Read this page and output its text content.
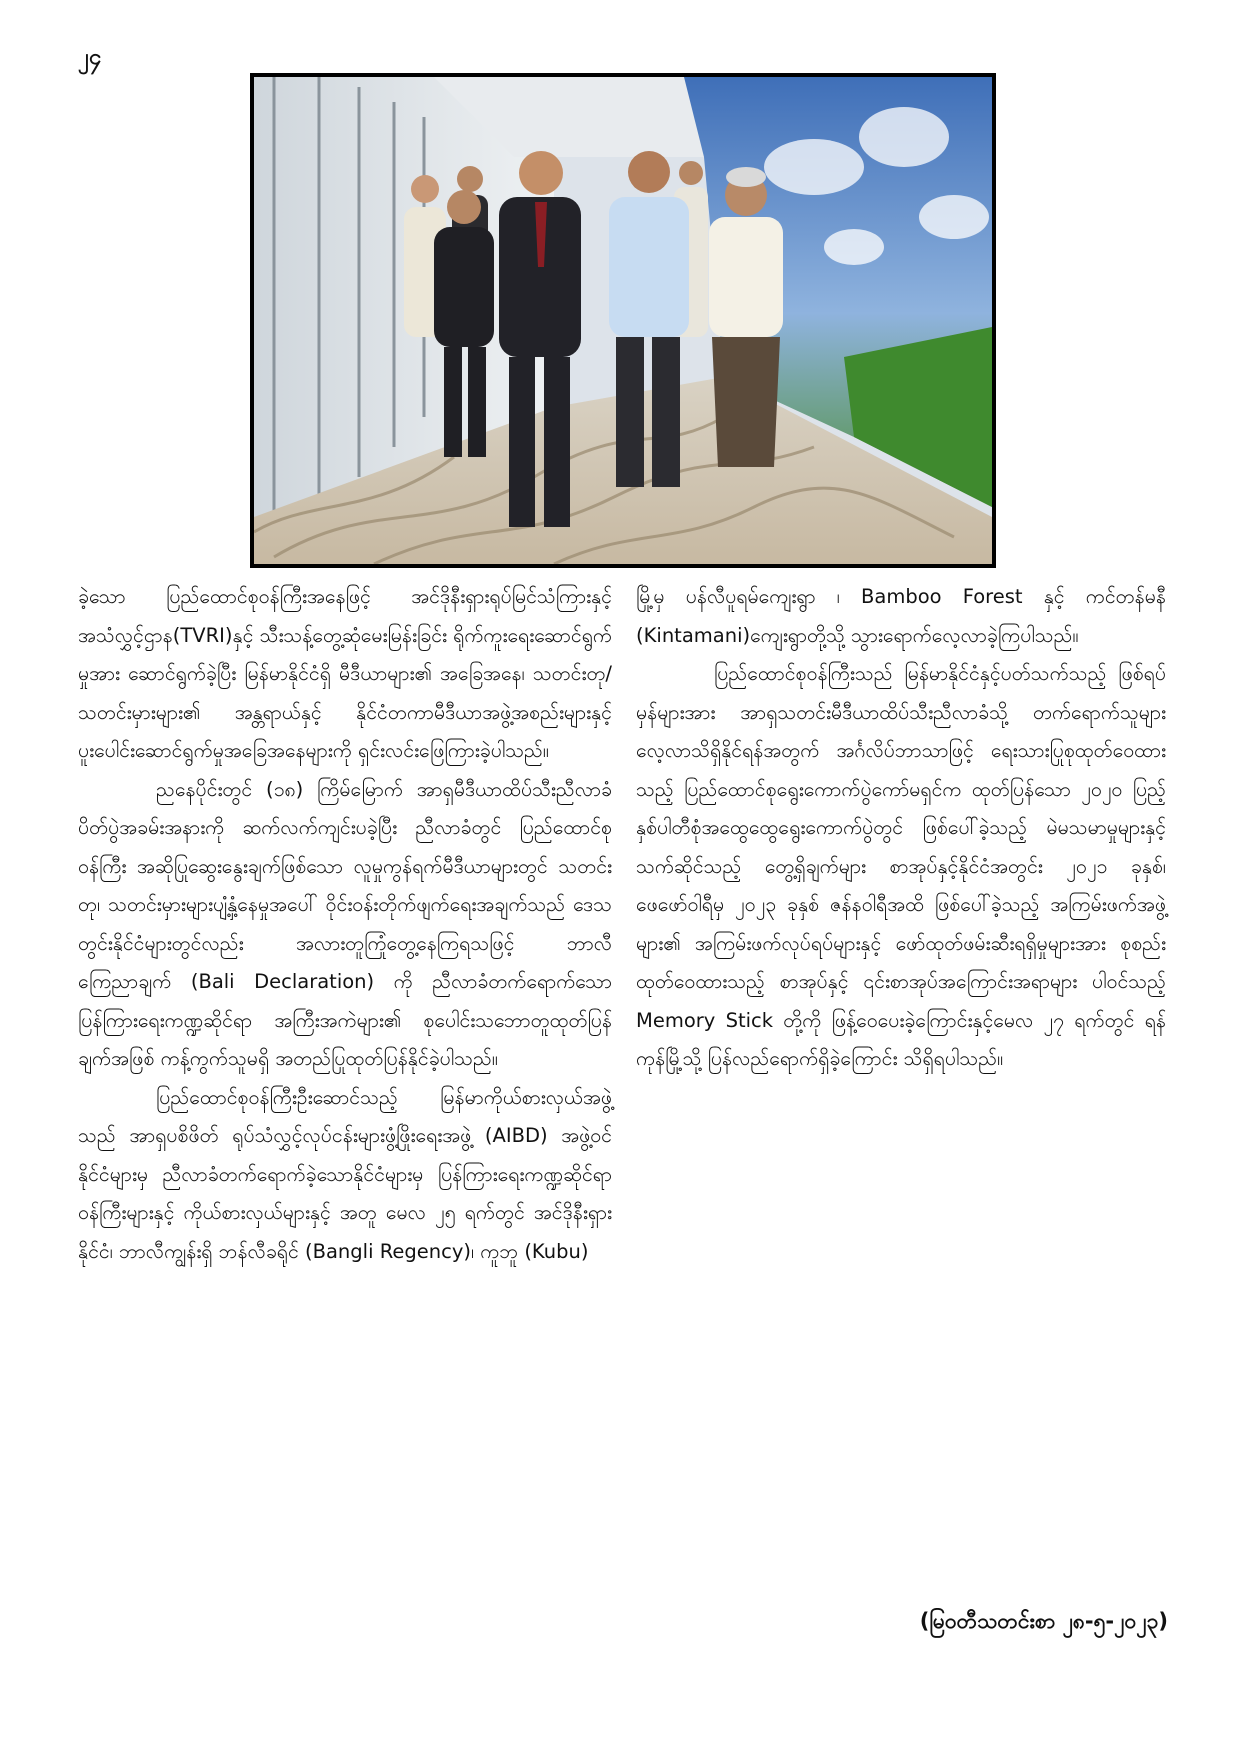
၂၄

ခဲ့သော ပြည်ထောင်စုဝန်ကြီးအနေဖြင့် အင်ဒိုနီးရှားရုပ်မြင်သံကြားနှင့် အသံလွှင့်ဌာန(TVRI)နှင့် သီးသန့်တွေ့ဆုံမေးမြန်းခြင်း ရိုက်ကူးရေးဆောင်ရွက်မှုအား ဆောင်ရွက်ခဲ့ပြီး မြန်မာနိုင်ငံရှိ မီဒီယာများ၏ အခြေအနေ၊ သတင်းတု/ သတင်းမှားများ၏ အန္တရာယ်နှင့် နိုင်ငံတကာမီဒီယာအဖွဲ့အစည်းများနှင့် ပူးပေါင်းဆောင်ရွက်မှုအခြေအနေများကို ရှင်းလင်းဖြေကြားခဲ့ပါသည်။

ညနေပိုင်းတွင် (၁၈) ကြိမ်မြောက် အာရှမီဒီယာထိပ်သီးညီလာခံပိတ်ပွဲအခမ်းအနားကို ဆက်လက်ကျင်းပခဲ့ပြီး ညီလာခံတွင် ပြည်ထောင်စုဝန်ကြီး အဆိုပြုဆွေးနွေးချက်ဖြစ်သော လူမှုကွန်ရက်မီဒီယာများတွင် သတင်းတု၊ သတင်းမှားများပျံ့နှံ့နေမှုအပေါ် ဝိုင်းဝန်းတိုက်ဖျက်ရေးအချက်သည် ဒေသတွင်းနိုင်ငံများတွင်လည်း အလားတူကြုံတွေ့နေကြရသဖြင့် ဘာလီကြေညာချက် (Bali Declaration) ကို ညီလာခံတက်ရောက်သော ပြန်ကြားရေးကဏ္ဍဆိုင်ရာ အကြီးအကဲများ၏ စုပေါင်းသဘောတူထုတ်ပြန်ချက်အဖြစ် ကန့်ကွက်သူမရှိ အတည်ပြုထုတ်ပြန်နိုင်ခဲ့ပါသည်။

ပြည်ထောင်စုဝန်ကြီးဦးဆောင်သည့် မြန်မာကိုယ်စားလှယ်အဖွဲ့သည် အာရှပစိဖိတ် ရုပ်သံလွှင့်လုပ်ငန်းများဖွံ့ဖြိုးရေးအဖွဲ့ (AIBD) အဖွဲ့ဝင်နိုင်ငံများမှ ညီလာခံတက်ရောက်ခဲ့သောနိုင်ငံများမှ ပြန်ကြားရေးကဏ္ဍဆိုင်ရာဝန်ကြီးများနှင့် ကိုယ်စားလှယ်များနှင့် အတူ မေလ ၂၅ ရက်တွင် အင်ဒိုနီးရှားနိုင်ငံ၊ ဘာလီကျွန်းရှိ ဘန်လီခရိုင် (Bangli Regency)၊ ကူဘူ (Kubu)

မြို့မှ ပန်လီပူရမ်ကျေးရွာ ၊ Bamboo Forest နှင့် ကင်တန်မနီ (Kintamani)ကျေးရွာတို့သို့ သွားရောက်လေ့လာခဲ့ကြပါသည်။

ပြည်ထောင်စုဝန်ကြီးသည် မြန်မာနိုင်ငံနှင့်ပတ်သက်သည့် ဖြစ်ရပ်မှန်များအား အာရှသတင်းမီဒီယာထိပ်သီးညီလာခံသို့ တက်ရောက်သူများ လေ့လာသိရှိနိုင်ရန်အတွက် အင်္ဂလိပ်ဘာသာဖြင့် ရေးသားပြုစုထုတ်ဝေထားသည့် ပြည်ထောင်စုရွေးကောက်ပွဲကော်မရှင်က ထုတ်ပြန်သော ၂၀၂၀ ပြည့်နှစ်ပါတီစုံအထွေထွေရွေးကောက်ပွဲတွင် ဖြစ်ပေါ်ခဲ့သည့် မဲမသမာမှုများနှင့် သက်ဆိုင်သည့် တွေ့ရှိချက်များ စာအုပ်နှင့်နိုင်ငံအတွင်း ၂၀၂၁ ခုနှစ်၊ ဖေဖော်ဝါရီမှ ၂၀၂၃ ခုနှစ် ဇန်နဝါရီအထိ ဖြစ်ပေါ်ခဲ့သည့် အကြမ်းဖက်အဖွဲ့များ၏ အကြမ်းဖက်လုပ်ရပ်များနှင့် ဖော်ထုတ်ဖမ်းဆီးရရှိမှုများအား စုစည်းထုတ်ဝေထားသည့် စာအုပ်နှင့် ၎င်းစာအုပ်အကြောင်းအရာများ ပါဝင်သည့် Memory Stick တို့ကို ဖြန့်ဝေပေးခဲ့ကြောင်းနှင့်မေလ ၂၇ ရက်တွင် ရန်ကုန်မြို့သို့ ပြန်လည်ရောက်ရှိခဲ့ကြောင်း သိရှိရပါသည်။

(မြဝတီသတင်းစာ ၂၈-၅-၂၀၂၃)
